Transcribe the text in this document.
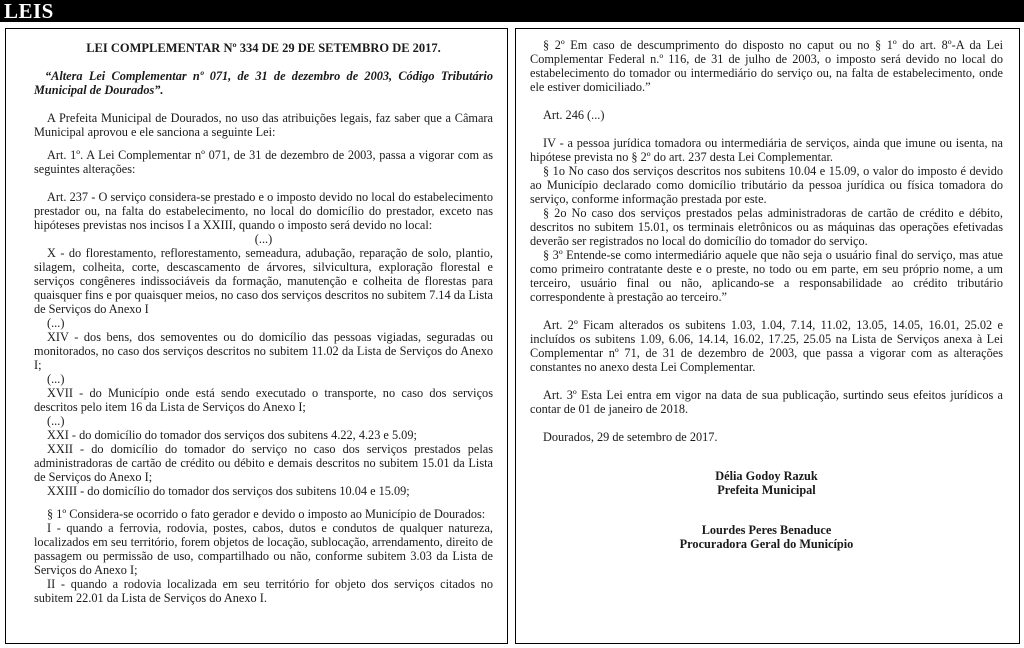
LEIS

LEI COMPLEMENTAR Nº 334 DE 29 DE SETEMBRO DE 2017.

“Altera Lei Complementar nº 071, de 31 de dezembro de 2003, Código Tributário Municipal de Dourados”.

A Prefeita Municipal de Dourados, no uso das atribuições legais, faz saber que a Câmara Municipal aprovou e ele sanciona a seguinte Lei:

Art. 1º. A Lei Complementar nº 071, de 31 de dezembro de 2003, passa a vigorar com as seguintes alterações:

Art. 237 - O serviço considera-se prestado e o imposto devido no local do estabelecimento prestador ou, na falta do estabelecimento, no local do domicílio do prestador, exceto nas hipóteses previstas nos incisos I a XXIII, quando o imposto será devido no local:

(...)

X - do florestamento, reflorestamento, semeadura, adubação, reparação de solo, plantio, silagem, colheita, corte, descascamento de árvores, silvicultura, exploração florestal e serviços congêneres indissociáveis da formação, manutenção e colheita de florestas para quaisquer fins e por quaisquer meios, no caso dos serviços descritos no subitem 7.14 da Lista de Serviços do Anexo I

(...)

XIV - dos bens, dos semoventes ou do domicílio das pessoas vigiadas, seguradas ou monitorados, no caso dos serviços descritos no subitem 11.02 da Lista de Serviços do Anexo I;

(...)

XVII - do Município onde está sendo executado o transporte, no caso dos serviços descritos pelo item 16 da Lista de Serviços do Anexo I;

(...)

XXI - do domicílio do tomador dos serviços dos subitens 4.22, 4.23 e 5.09;

XXII - do domicílio do tomador do serviço no caso dos serviços prestados pelas administradoras de cartão de crédito ou débito e demais descritos no subitem 15.01 da Lista de Serviços do Anexo I;

XXIII - do domicílio do tomador dos serviços dos subitens 10.04 e 15.09;

§ 1º Considera-se ocorrido o fato gerador e devido o imposto ao Município de Dourados:

I - quando a ferrovia, rodovia, postes, cabos, dutos e condutos de qualquer natureza, localizados em seu território, forem objetos de locação, sublocação, arrendamento, direito de passagem ou permissão de uso, compartilhado ou não, conforme subitem 3.03 da Lista de Serviços do Anexo I;

II - quando a rodovia localizada em seu território for objeto dos serviços citados no subitem 22.01 da Lista de Serviços do Anexo I.

§ 2º Em caso de descumprimento do disposto no caput ou no § 1º do art. 8º-A da Lei Complementar Federal n.º 116, de 31 de julho de 2003, o imposto será devido no local do estabelecimento do tomador ou intermediário do serviço ou, na falta de estabelecimento, onde ele estiver domiciliado.”

Art. 246 (...)

IV - a pessoa jurídica tomadora ou intermediária de serviços, ainda que imune ou isenta, na hipótese prevista no § 2º do art. 237 desta Lei Complementar.

§ 1o No caso dos serviços descritos nos subitens 10.04 e 15.09, o valor do imposto é devido ao Município declarado como domicílio tributário da pessoa jurídica ou física tomadora do serviço, conforme informação prestada por este.

§ 2o No caso dos serviços prestados pelas administradoras de cartão de crédito e débito, descritos no subitem 15.01, os terminais eletrônicos ou as máquinas das operações efetivadas deverão ser registrados no local do domicílio do tomador do serviço.

§ 3º Entende-se como intermediário aquele que não seja o usuário final do serviço, mas atue como primeiro contratante deste e o preste, no todo ou em parte, em seu próprio nome, a um terceiro, usuário final ou não, aplicando-se a responsabilidade ao crédito tributário correspondente à prestação ao terceiro.”

Art. 2º Ficam alterados os subitens 1.03, 1.04, 7.14, 11.02, 13.05, 14.05, 16.01, 25.02 e incluídos os subitens 1.09, 6.06, 14.14, 16.02, 17.25, 25.05 na Lista de Serviços anexa à Lei Complementar nº 71, de 31 de dezembro de 2003, que passa a vigorar com as alterações constantes no anexo desta Lei Complementar.

Art. 3º Esta Lei entra em vigor na data de sua publicação, surtindo seus efeitos jurídicos a contar de 01 de janeiro de 2018.

Dourados, 29 de setembro de 2017.

Délia Godoy Razuk

Prefeita Municipal

Lourdes Peres Benaduce

Procuradora Geral do Município
